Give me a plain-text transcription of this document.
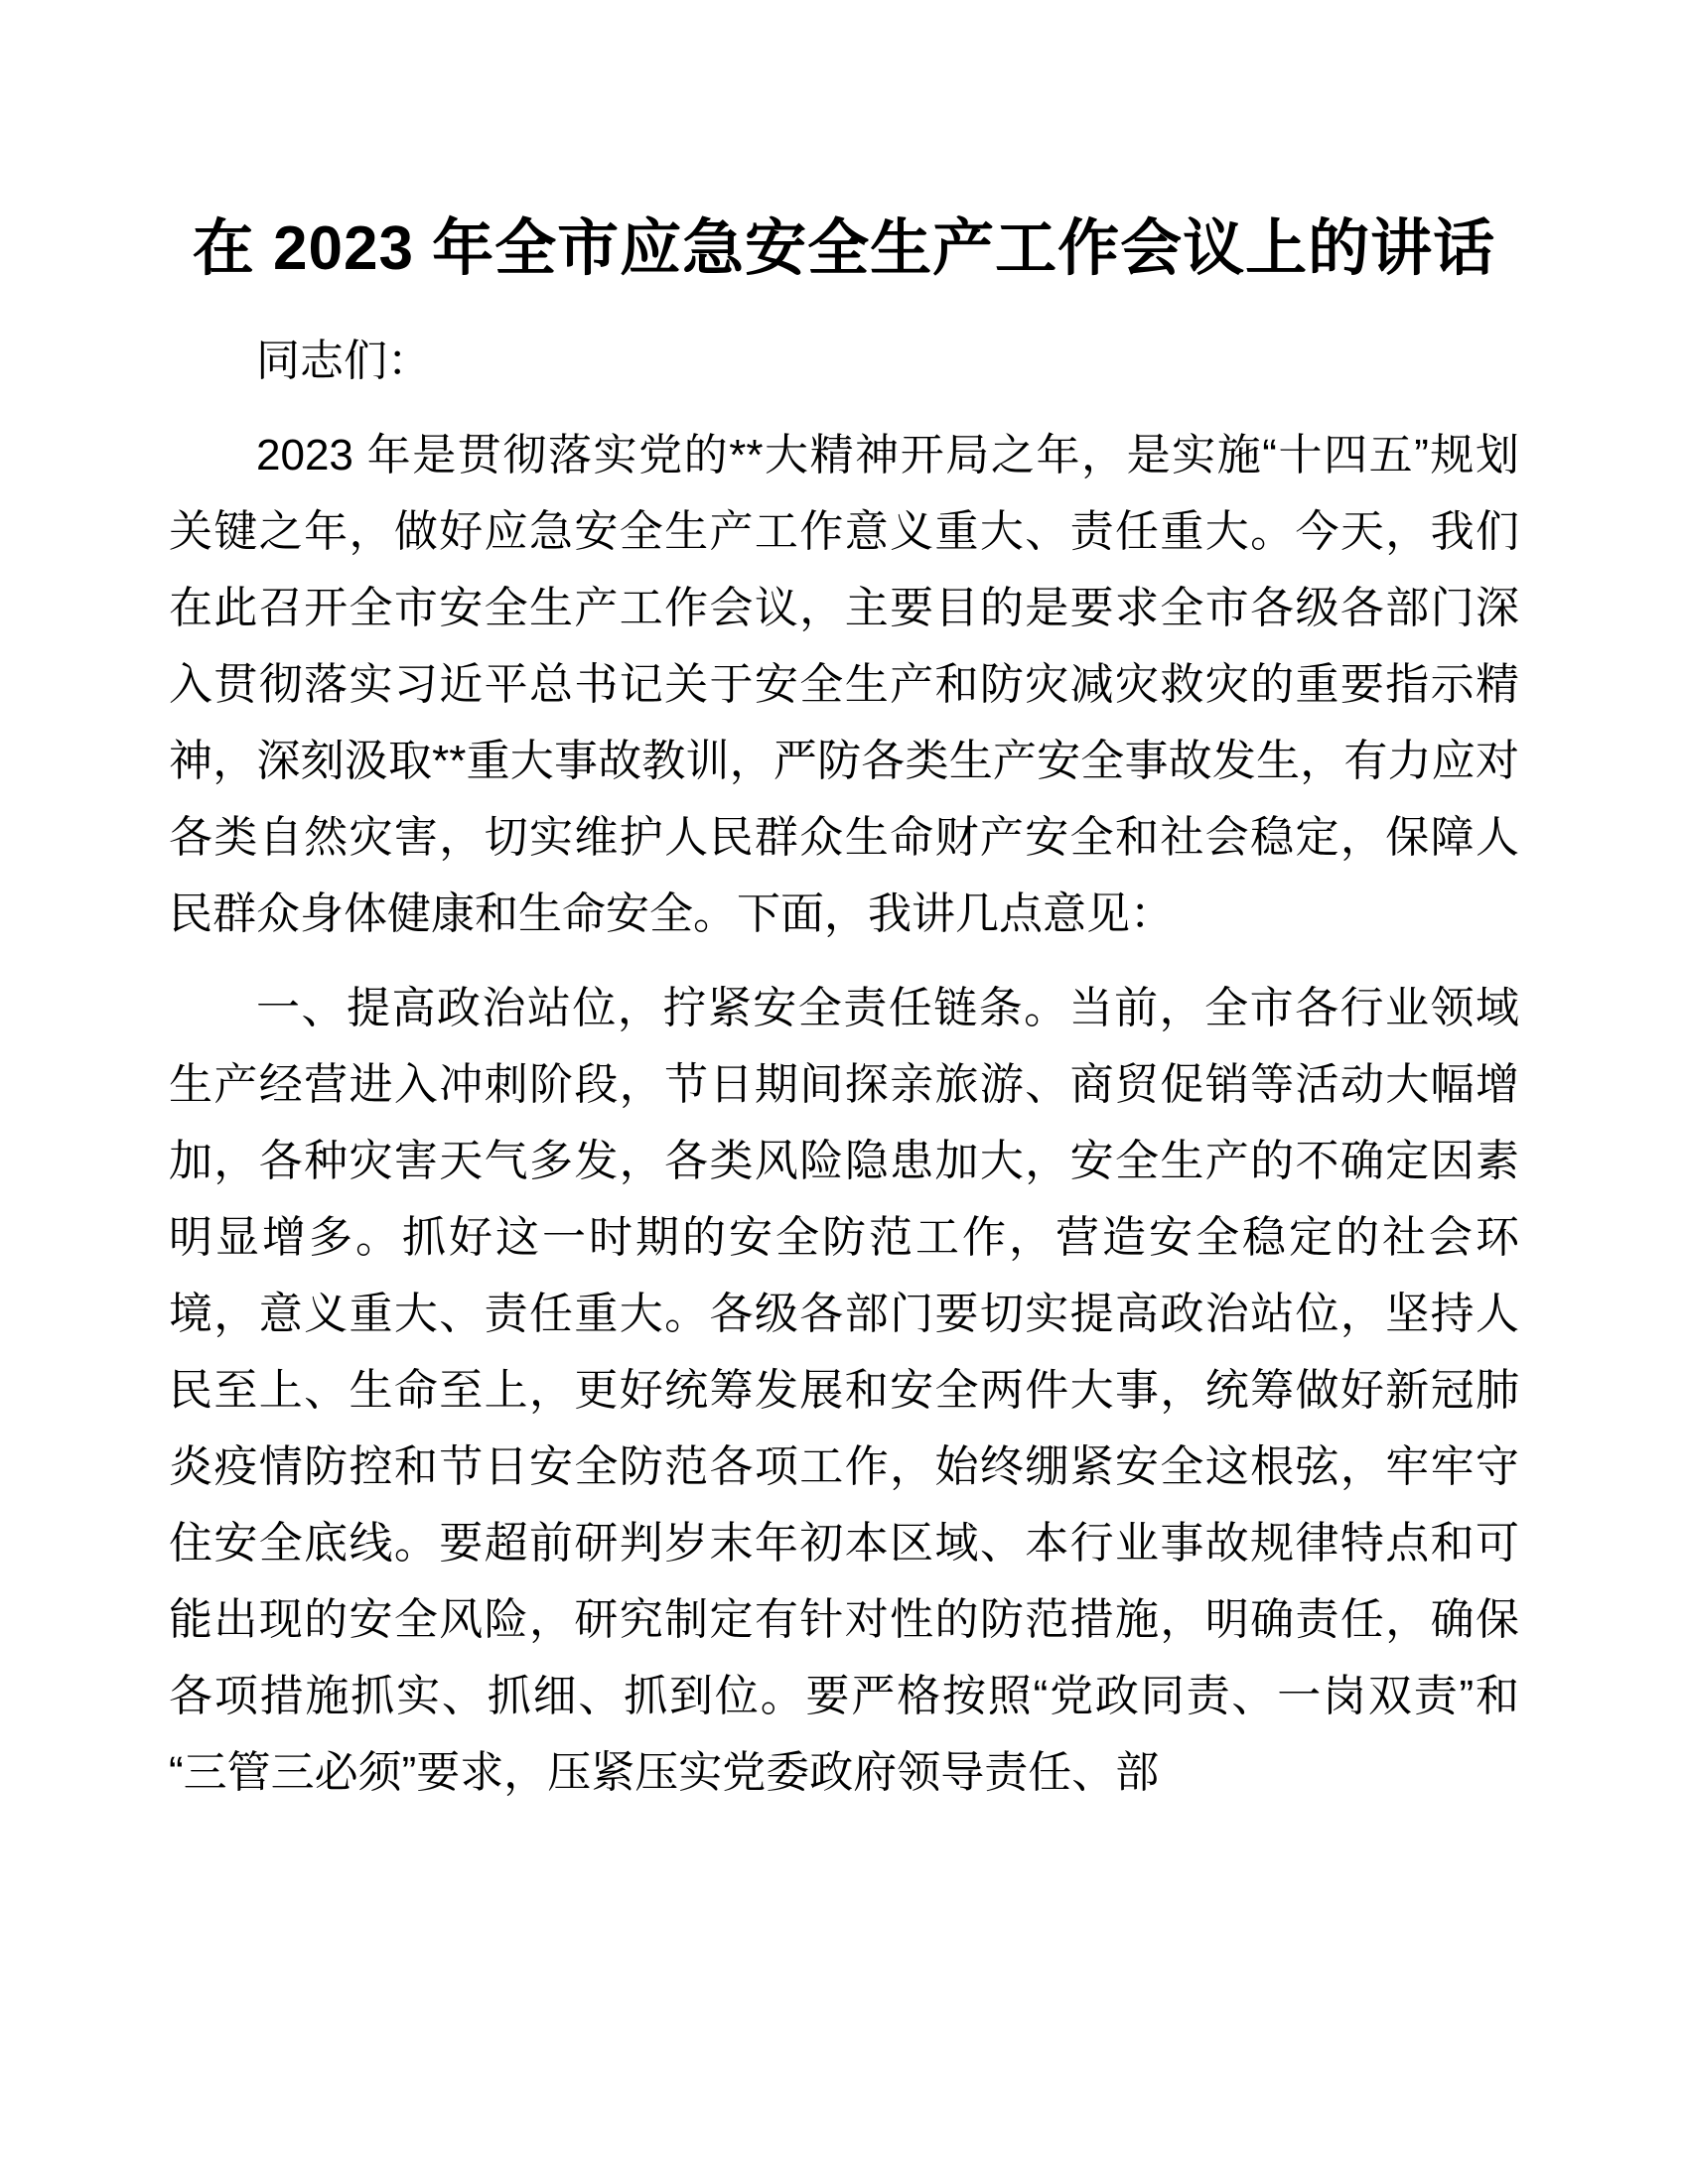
在 2023 年全市应急安全生产工作会议上的讲话

同志们：

2023 年是贯彻落实党的**大精神开局之年，是实施“十四五”规划关键之年，做好应急安全生产工作意义重大、责任重大。今天，我们在此召开全市安全生产工作会议，主要目的是要求全市各级各部门深入贯彻落实习近平总书记关于安全生产和防灾减灾救灾的重要指示精神，深刻汲取**重大事故教训，严防各类生产安全事故发生，有力应对各类自然灾害，切实维护人民群众生命财产安全和社会稳定，保障人民群众身体健康和生命安全。下面，我讲几点意见：

一、提高政治站位，拧紧安全责任链条。当前，全市各行业领域生产经营进入冲刺阶段，节日期间探亲旅游、商贸促销等活动大幅增加，各种灾害天气多发，各类风险隐患加大，安全生产的不确定因素明显增多。抓好这一时期的安全防范工作，营造安全稳定的社会环境，意义重大、责任重大。各级各部门要切实提高政治站位，坚持人民至上、生命至上，更好统筹发展和安全两件大事，统筹做好新冠肺炎疫情防控和节日安全防范各项工作，始终绷紧安全这根弦，牢牢守住安全底线。要超前研判岁末年初本区域、本行业事故规律特点和可能出现的安全风险，研究制定有针对性的防范措施，明确责任，确保各项措施抓实、抓细、抓到位。要严格按照“党政同责、一岗双责”和“三管三必须”要求，压紧压实党委政府领导责任、部
